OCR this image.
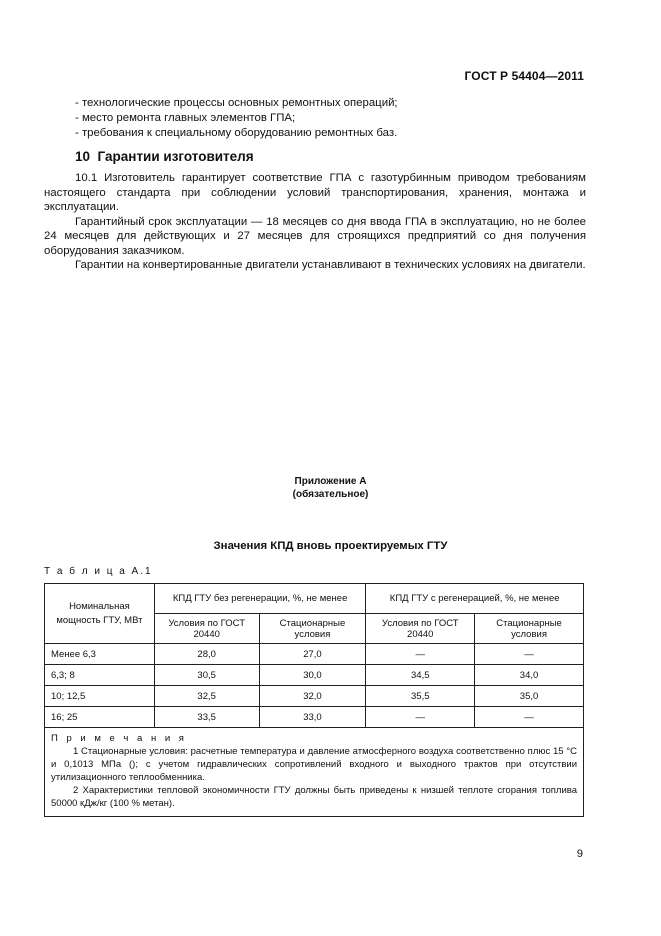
ГОСТ Р 54404—2011
- технологические процессы основных ремонтных операций;
- место ремонта главных элементов ГПА;
- требования к специальному оборудованию ремонтных баз.
10 Гарантии изготовителя

10.1 Изготовитель гарантирует соответствие ГПА с газотурбинным приводом требованиям настоящего стандарта при соблюдении условий транспортирования, хранения, монтажа и эксплуатации.

Гарантийный срок эксплуатации — 18 месяцев со дня ввода ГПА в эксплуатацию, но не более 24 месяцев для действующих и 27 месяцев для строящихся предприятий со дня получения оборудования заказчиком.

Гарантии на конвертированные двигатели устанавливают в технических условиях на двигатели.

Приложение А
(обязательное)
Значения КПД вновь проектируемых ГТУ
Т а б л и ц а А.1
Номинальная мощность ГТУ, МВт	КПД ГТУ без регенерации, %, не менее		КПД ГТУ с регенерацией, %, не менее	
	Условия по ГОСТ 20440	Стационарные условия	Условия по ГОСТ 20440	Стационарные условия
Менее 6,3	28,0	27,0	—	—
6,3; 8	30,5	30,0	34,5	34,0
10; 12,5	32,5	32,0	35,5	35,0
16; 25	33,5	33,0	—	—

П р и м е ч а н и я

1 Стационарные условия: расчетные температура и давление атмосферного воздуха соответственно плюс 15 °С и 0,1013 МПа (); с учетом гидравлических сопротивлений входного и выходного трактов при отсутствии утилизационного теплообменника.

2 Характеристики тепловой экономичности ГТУ должны быть приведены к низшей теплоте сгорания топлива 50000 кДж/кг (100 % метан).				

9
